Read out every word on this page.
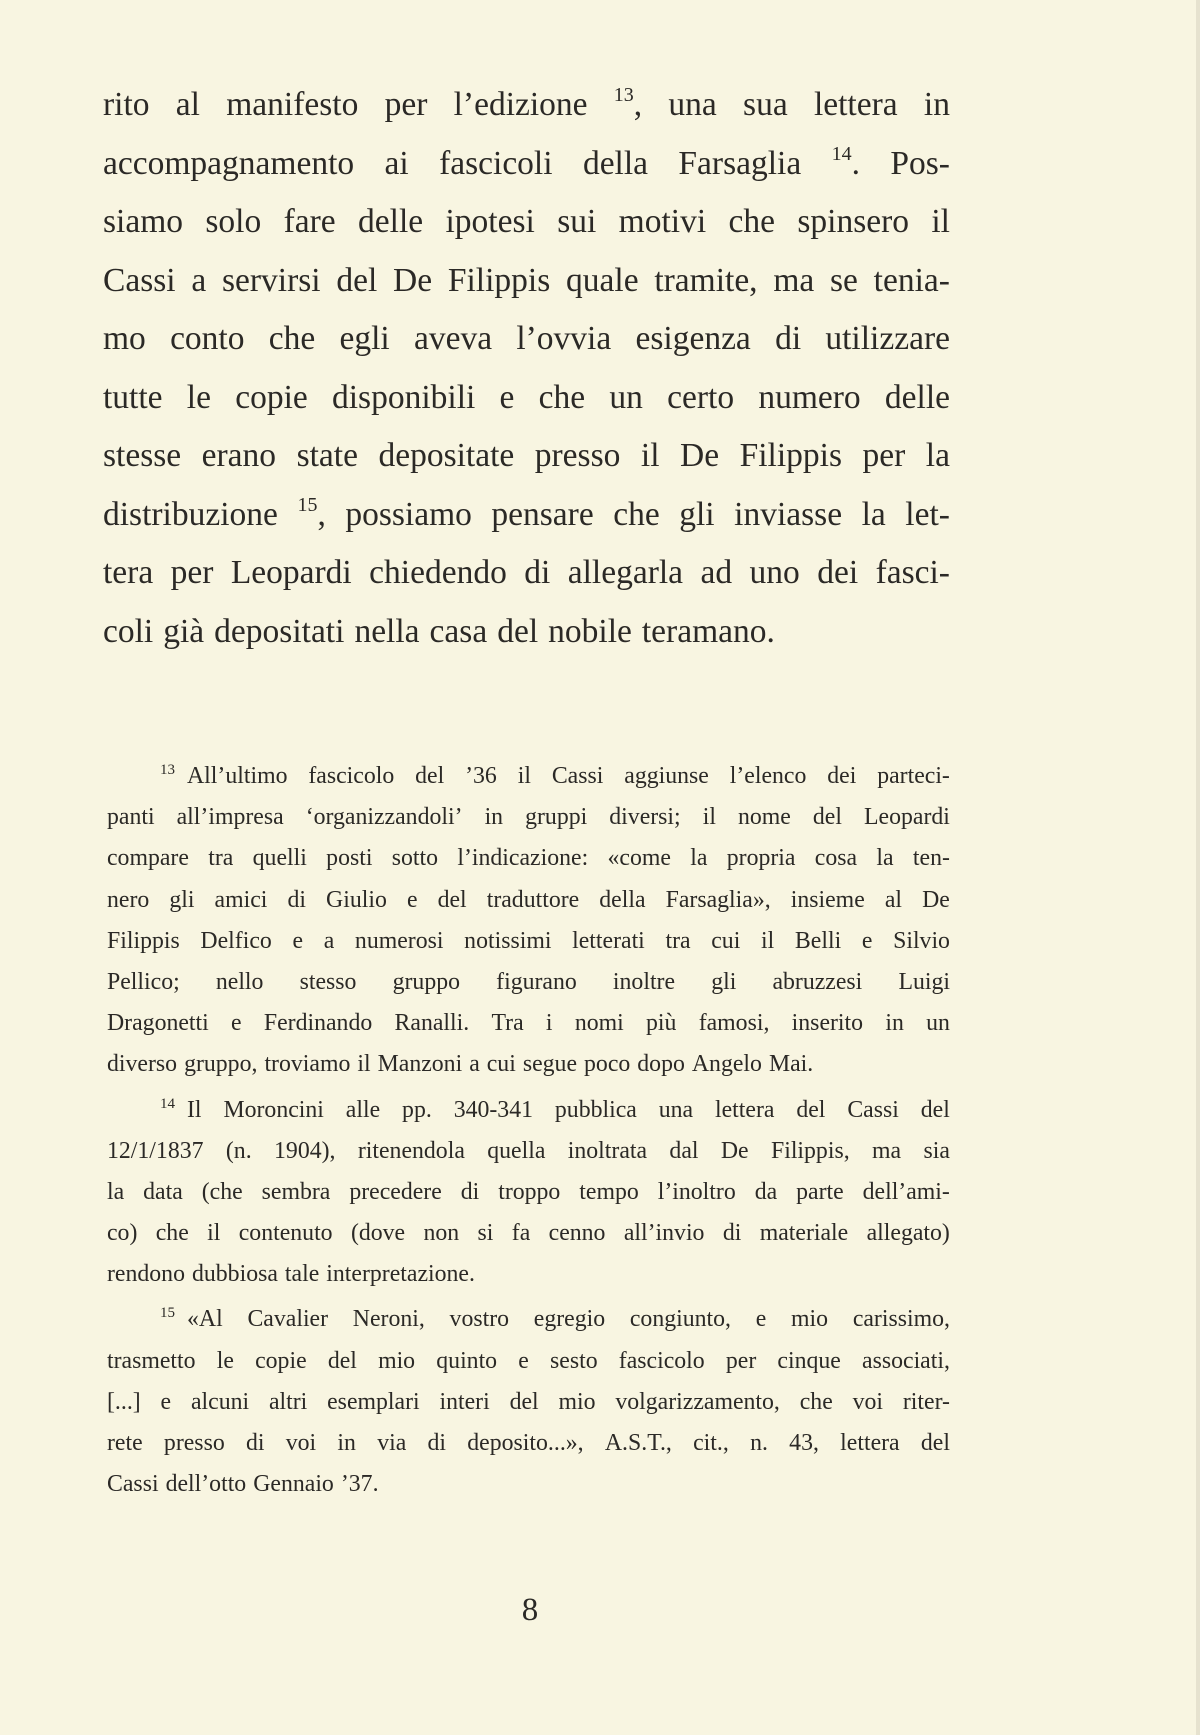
rito al manifesto per l’edizione $^{13}$, una sua lettera in
accompagnamento ai fascicoli della Farsaglia $^{14}$. Pos-
siamo solo fare delle ipotesi sui motivi che spinsero il
Cassi a servirsi del De Filippis quale tramite, ma se tenia-
mo conto che egli aveva l’ovvia esigenza di utilizzare
tutte le copie disponibili e che un certo numero delle
stesse erano state depositate presso il De Filippis per la
distribuzione $^{15}$, possiamo pensare che gli inviasse la let-
tera per Leopardi chiedendo di allegarla ad uno dei fasci-
coli già depositati nella casa del nobile teramano.
$^{13}$ All’ultimo fascicolo del ’36 il Cassi aggiunse l’elenco dei parteci-
panti all’impresa ‘organizzandoli’ in gruppi diversi; il nome del Leopardi
compare tra quelli posti sotto l’indicazione: «come la propria cosa la ten-
nero gli amici di Giulio e del traduttore della Farsaglia», insieme al De
Filippis Delfico e a numerosi notissimi letterati tra cui il Belli e Silvio
Pellico; nello stesso gruppo figurano inoltre gli abruzzesi Luigi
Dragonetti e Ferdinando Ranalli. Tra i nomi più famosi, inserito in un
diverso gruppo, troviamo il Manzoni a cui segue poco dopo Angelo Mai.
$^{14}$ Il Moroncini alle pp. 340-341 pubblica una lettera del Cassi del
12/1/1837 (n. 1904), ritenendola quella inoltrata dal De Filippis, ma sia
la data (che sembra precedere di troppo tempo l’inoltro da parte dell’ami-
co) che il contenuto (dove non si fa cenno all’invio di materiale allegato)
rendono dubbiosa tale interpretazione.
$^{15}$ «Al Cavalier Neroni, vostro egregio congiunto, e mio carissimo,
trasmetto le copie del mio quinto e sesto fascicolo per cinque associati,
[...] e alcuni altri esemplari interi del mio volgarizzamento, che voi riter-
rete presso di voi in via di deposito...», A.S.T., cit., n. 43, lettera del
Cassi dell’otto Gennaio ’37.
8
